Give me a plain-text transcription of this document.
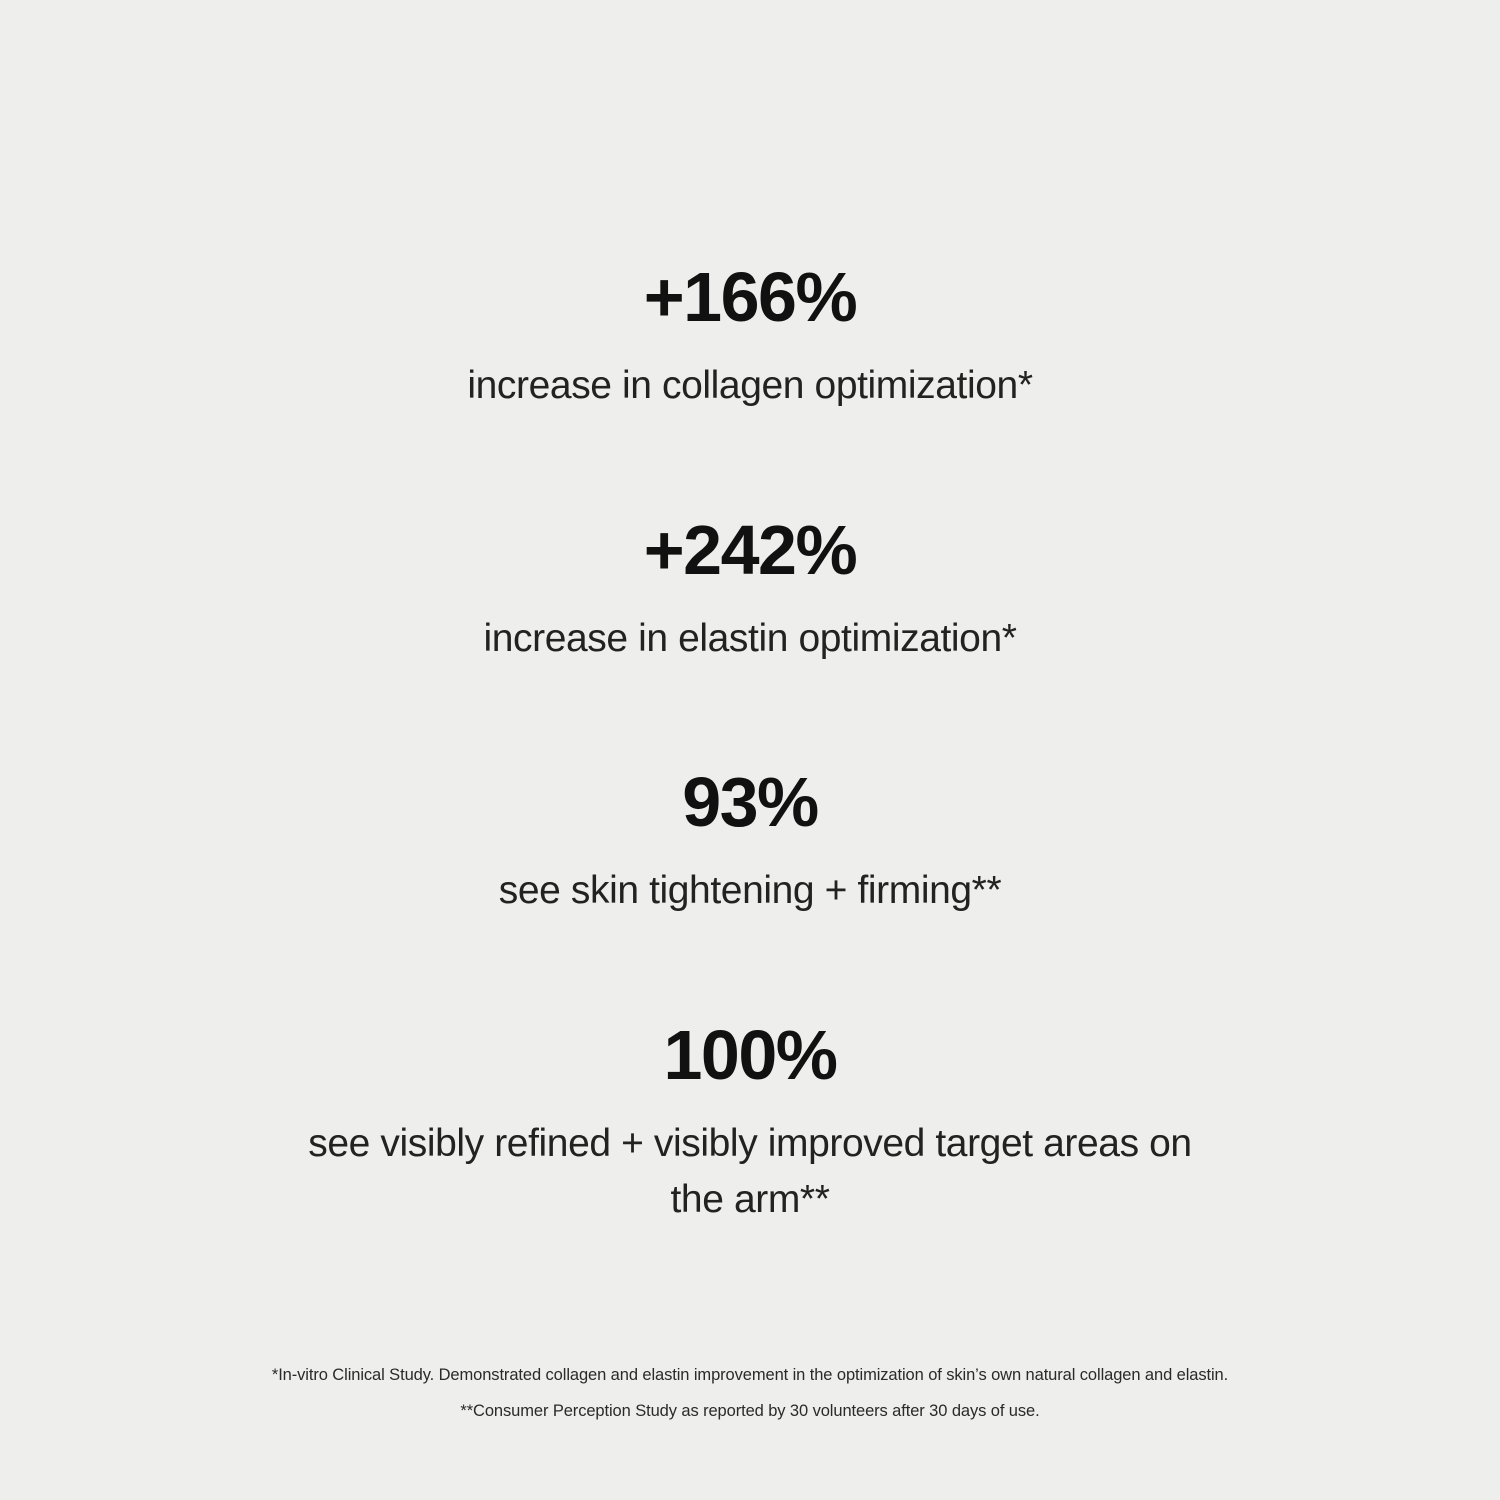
+166%
increase in collagen optimization*
+242%
increase in elastin optimization*
93%
see skin tightening + firming**
100%
see visibly refined + visibly improved target areas on the arm**
*In-vitro Clinical Study. Demonstrated collagen and elastin improvement in the optimization of skin’s own natural collagen and elastin.
**Consumer Perception Study as reported by 30 volunteers after 30 days of use.
